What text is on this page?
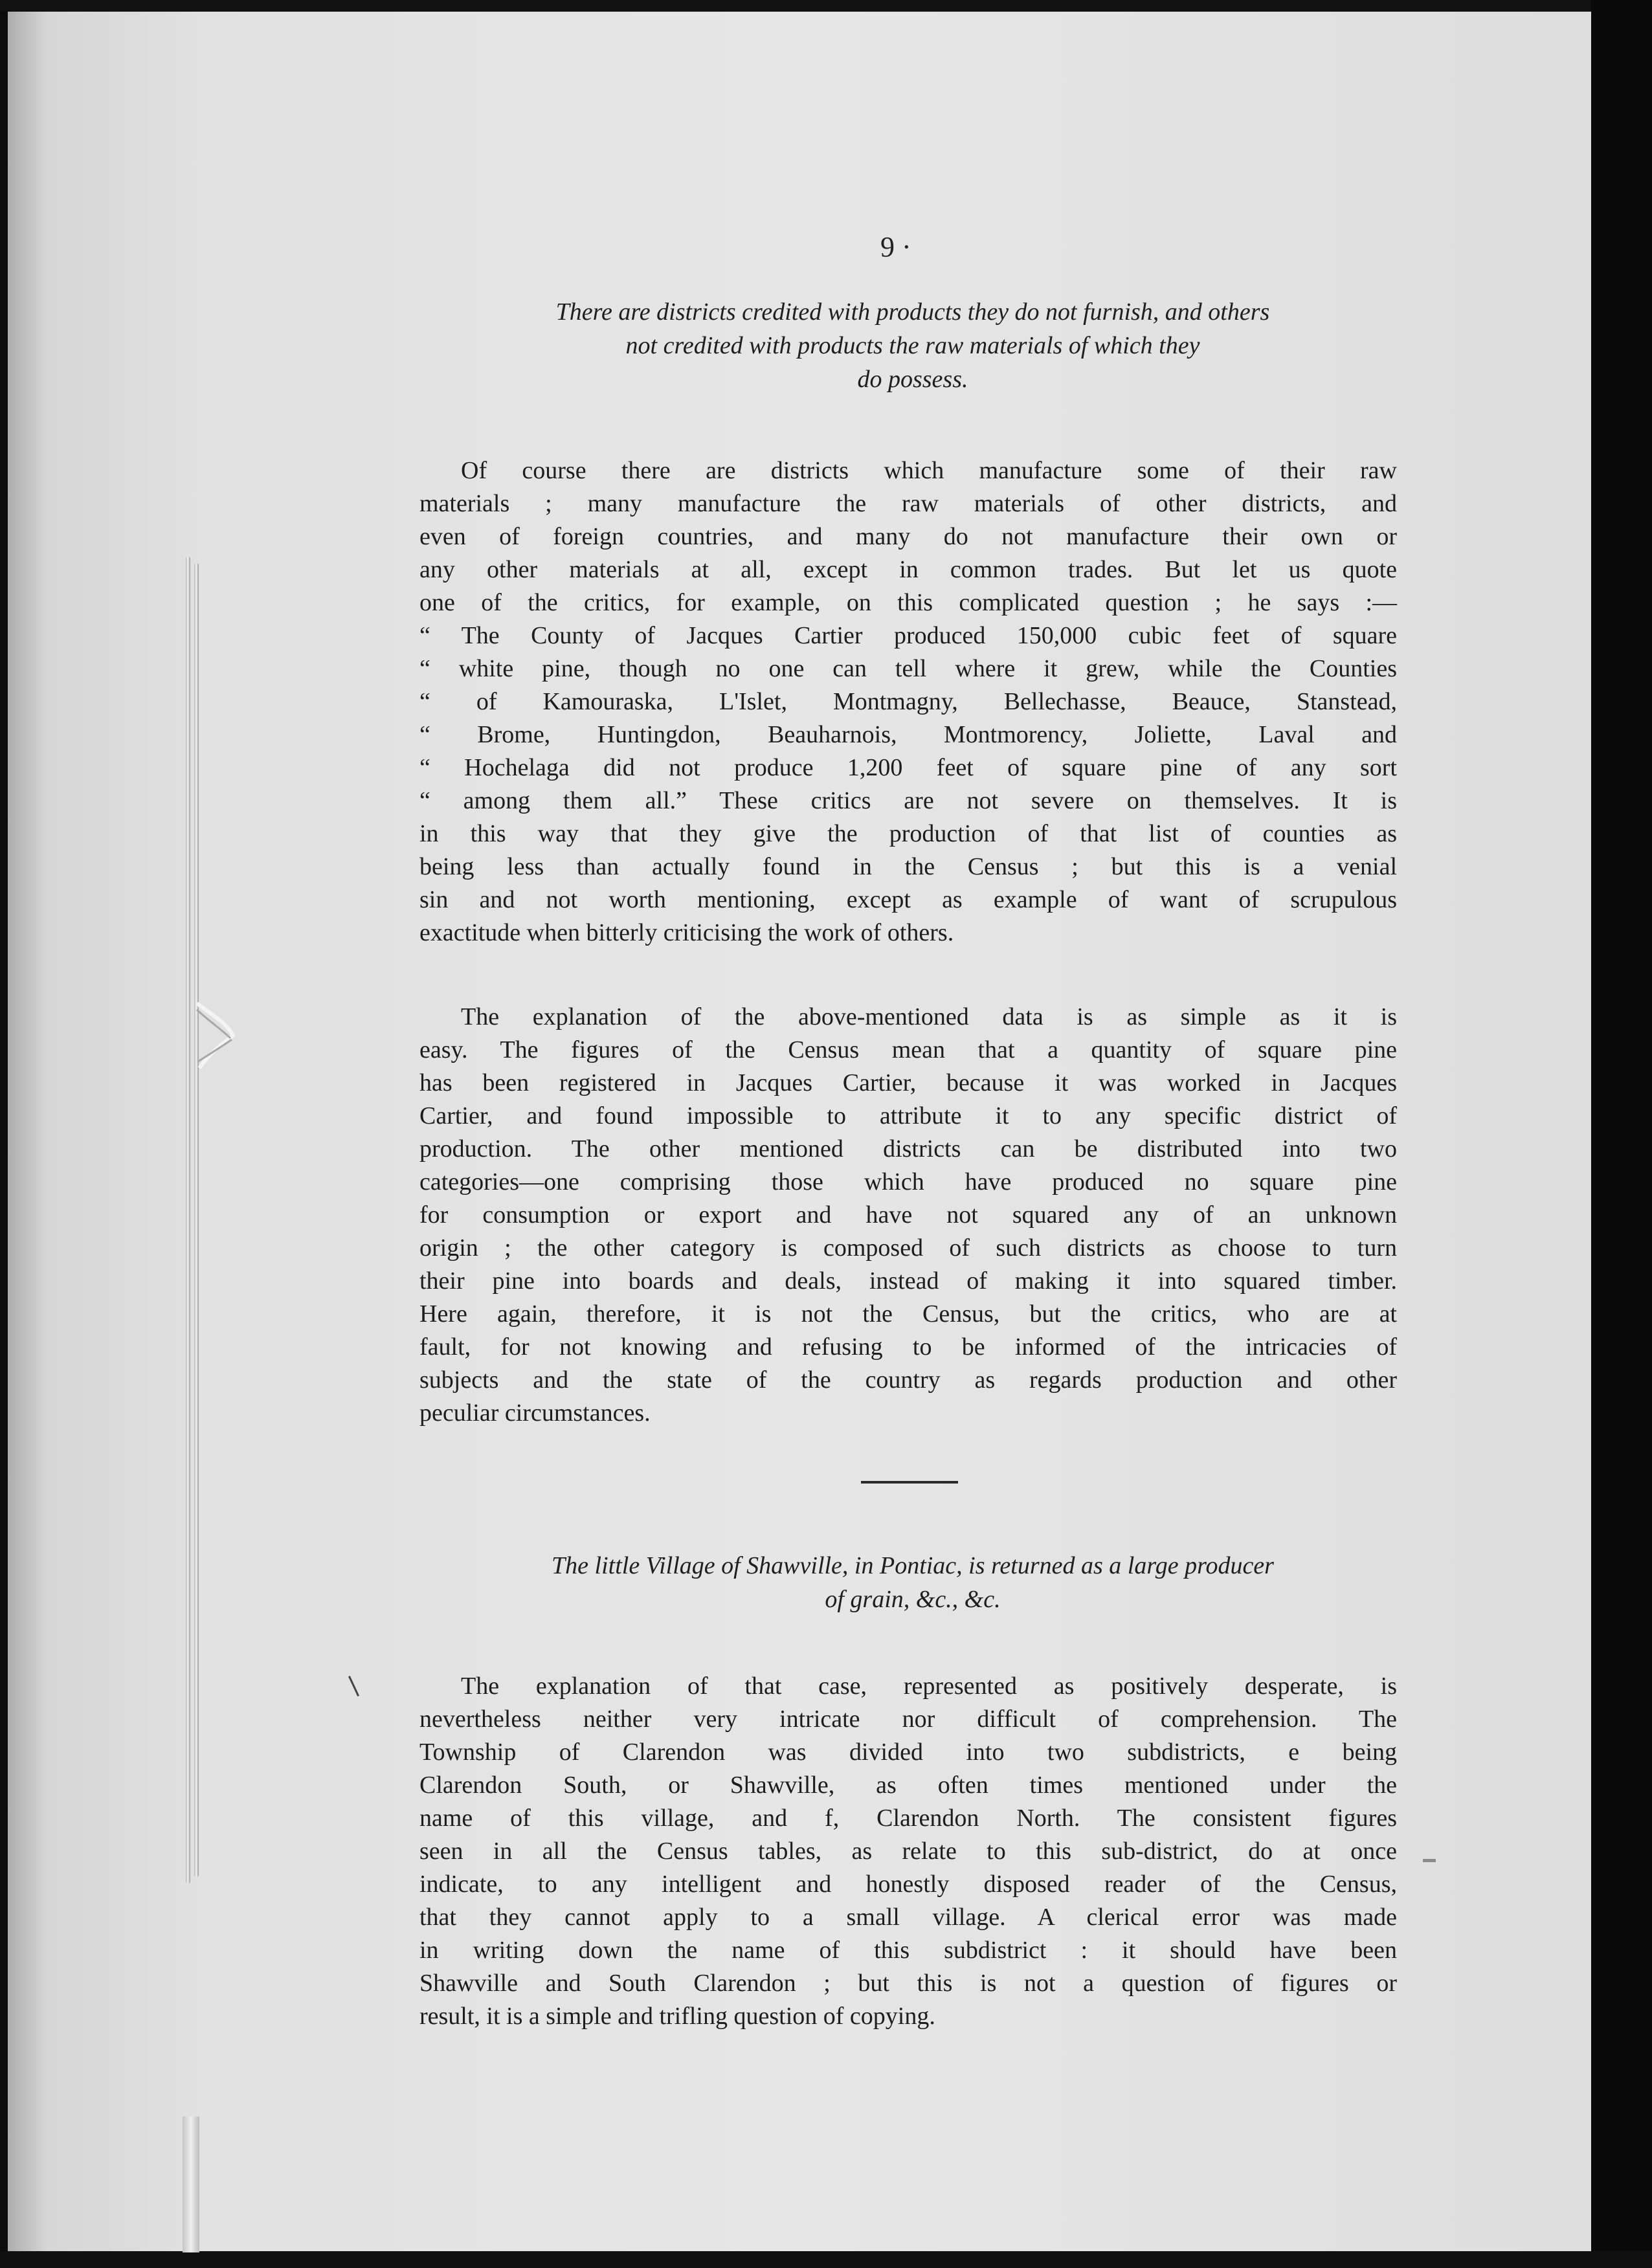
9 ·
There are districts credited with products they do not furnish, and others
not credited with products the raw materials of which they
do possess.
Of course there are districts which manufacture some of their raw
materials ; many manufacture the raw materials of other districts, and
even of foreign countries, and many do not manufacture their own or
any other materials at all, except in common trades. But let us quote
one of the critics, for example, on this complicated question ; he says :—
“ The County of Jacques Cartier produced 150,000 cubic feet of square
“ white pine, though no one can tell where it grew, while the Counties
“ of Kamouraska, L'Islet, Montmagny, Bellechasse, Beauce, Stanstead,
“ Brome, Huntingdon, Beauharnois, Montmorency, Joliette, Laval and
“ Hochelaga did not produce 1,200 feet of square pine of any sort
“ among them all.” These critics are not severe on themselves. It is
in this way that they give the production of that list of counties as
being less than actually found in the Census ; but this is a venial
sin and not worth mentioning, except as example of want of scrupulous
exactitude when bitterly criticising the work of others.
The explanation of the above-mentioned data is as simple as it is
easy. The figures of the Census mean that a quantity of square pine
has been registered in Jacques Cartier, because it was worked in Jacques
Cartier, and found impossible to attribute it to any specific district of
production. The other mentioned districts can be distributed into two
categories—one comprising those which have produced no square pine
for consumption or export and have not squared any of an unknown
origin ; the other category is composed of such districts as choose to turn
their pine into boards and deals, instead of making it into squared timber.
Here again, therefore, it is not the Census, but the critics, who are at
fault, for not knowing and refusing to be informed of the intricacies of
subjects and the state of the country as regards production and other
peculiar circumstances.
The little Village of Shawville, in Pontiac, is returned as a large producer
of grain, &c., &c.
The explanation of that case, represented as positively desperate, is
nevertheless neither very intricate nor difficult of comprehension. The
Township of Clarendon was divided into two subdistricts, e being
Clarendon South, or Shawville, as often times mentioned under the
name of this village, and f, Clarendon North. The consistent figures
seen in all the Census tables, as relate to this sub-district, do at once
indicate, to any intelligent and honestly disposed reader of the Census,
that they cannot apply to a small village. A clerical error was made
in writing down the name of this subdistrict : it should have been
Shawville and South Clarendon ; but this is not a question of figures or
result, it is a simple and trifling question of copying.
